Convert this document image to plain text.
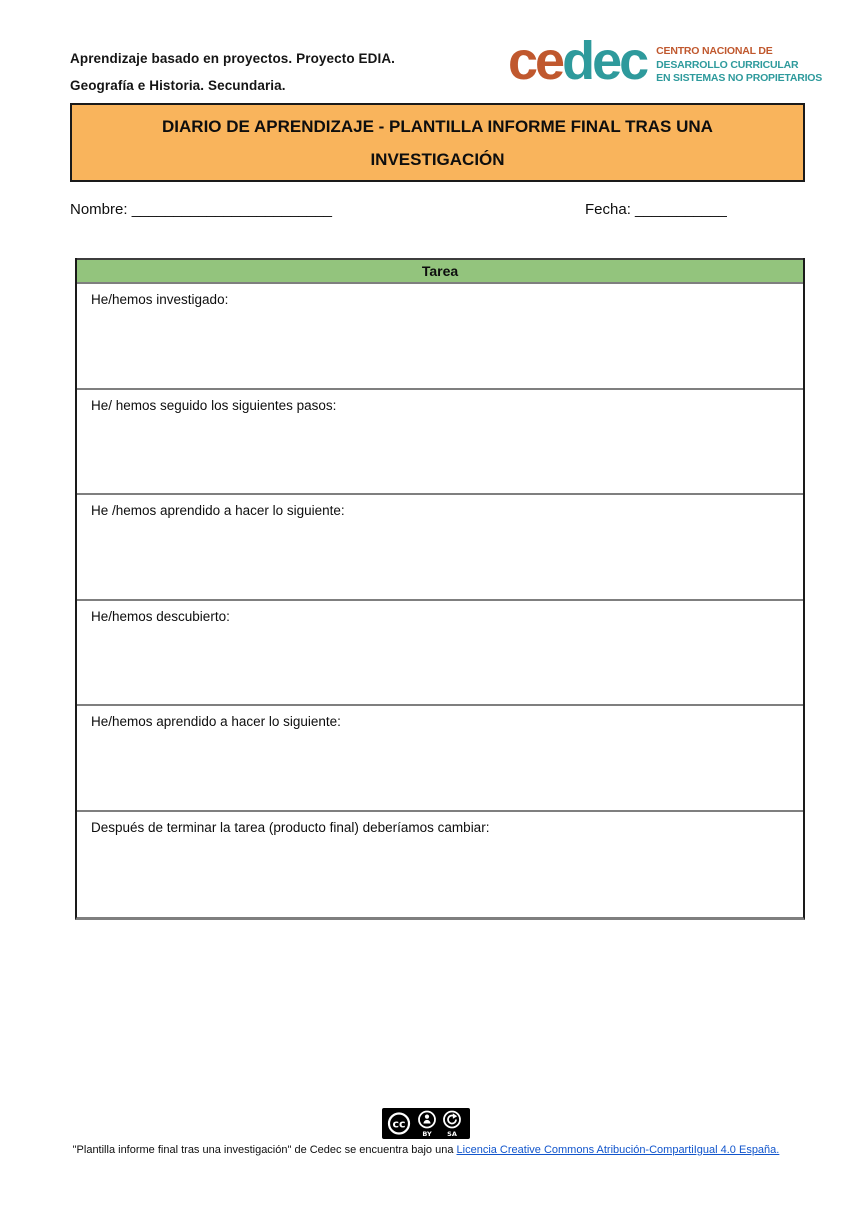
Aprendizaje basado en proyectos. Proyecto EDIA.
Geografía e Historia. Secundaria.	cedec CENTRO NACIONAL DE
DESARROLLO CURRICULAR
EN SISTEMAS NO PROPIETARIOS
DIARIO DE APRENDIZAJE - PLANTILLA INFORME FINAL TRAS UNA INVESTIGACIÓN
Nombre: ________________________	Fecha: ___________
Tarea
He/hemos investigado:
He/ hemos seguido los siguientes pasos:
He /hemos aprendido a hacer lo siguiente:
He/hemos descubierto:
He/hemos aprendido a hacer lo siguiente:
Después de terminar la tarea (producto final) deberíamos cambiar:
cc
BY SA
"Plantilla informe final tras una investigación" de Cedec se encuentra bajo una Licencia Creative Commons Atribución-CompartiIgual 4.0 España.
